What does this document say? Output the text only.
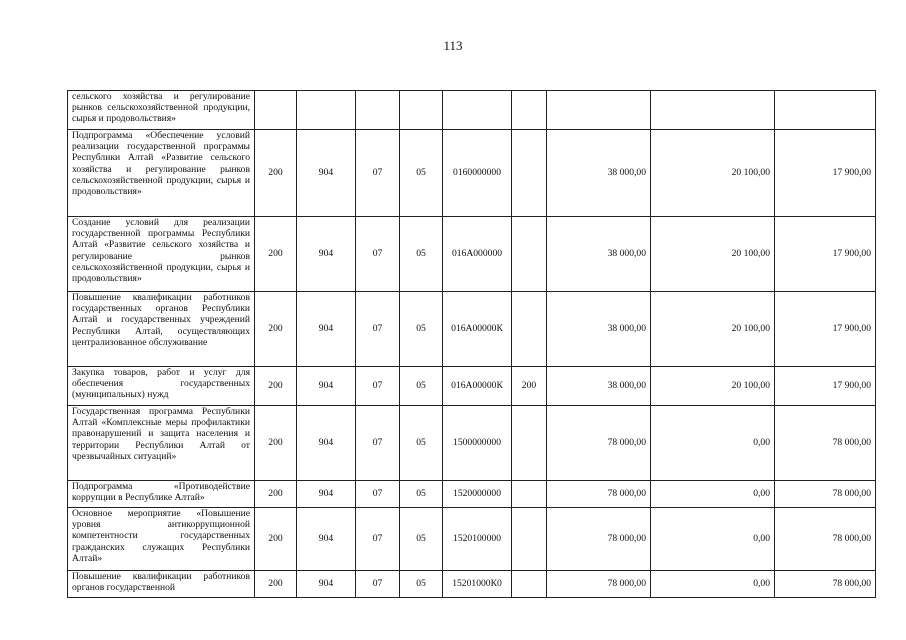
113
сельского хозяйства и регулирование рынков сельскохозяйственной продукции, сырья и продовольствия»									
Подпрограмма «Обеспечение условий реализации государственной программы Республики Алтай «Развитие сельского хозяйства и регулирование рынков сельскохозяйственной продукции, сырья и продовольствия»	200	904	07	05	0160000000		38 000,00	20 100,00	17 900,00
Создание условий для реализации государственной программы Республики Алтай «Развитие сельского хозяйства и регулирование рынков сельскохозяйственной продукции, сырья и продовольствия»	200	904	07	05	016А000000		38 000,00	20 100,00	17 900,00
Повышение квалификации работников государственных органов Республики Алтай и государственных учреждений Республики Алтай, осуществляющих централизованное обслуживание	200	904	07	05	016А00000К		38 000,00	20 100,00	17 900,00
Закупка товаров, работ и услуг для обеспечения государственных (муниципальных) нужд	200	904	07	05	016А00000К	200	38 000,00	20 100,00	17 900,00
Государственная программа Республики Алтай «Комплексные меры профилактики правонарушений и защита населения и территории Республики Алтай от чрезвычайных ситуаций»	200	904	07	05	1500000000		78 000,00	0,00	78 000,00
Подпрограмма «Противодействие коррупции в Республике Алтай»	200	904	07	05	1520000000		78 000,00	0,00	78 000,00
Основное мероприятие «Повышение уровня антикоррупционной компетентности государственных гражданских служащих Республики Алтай»	200	904	07	05	1520100000		78 000,00	0,00	78 000,00
Повышение квалификации работников органов государственной	200	904	07	05	15201000К0		78 000,00	0,00	78 000,00
